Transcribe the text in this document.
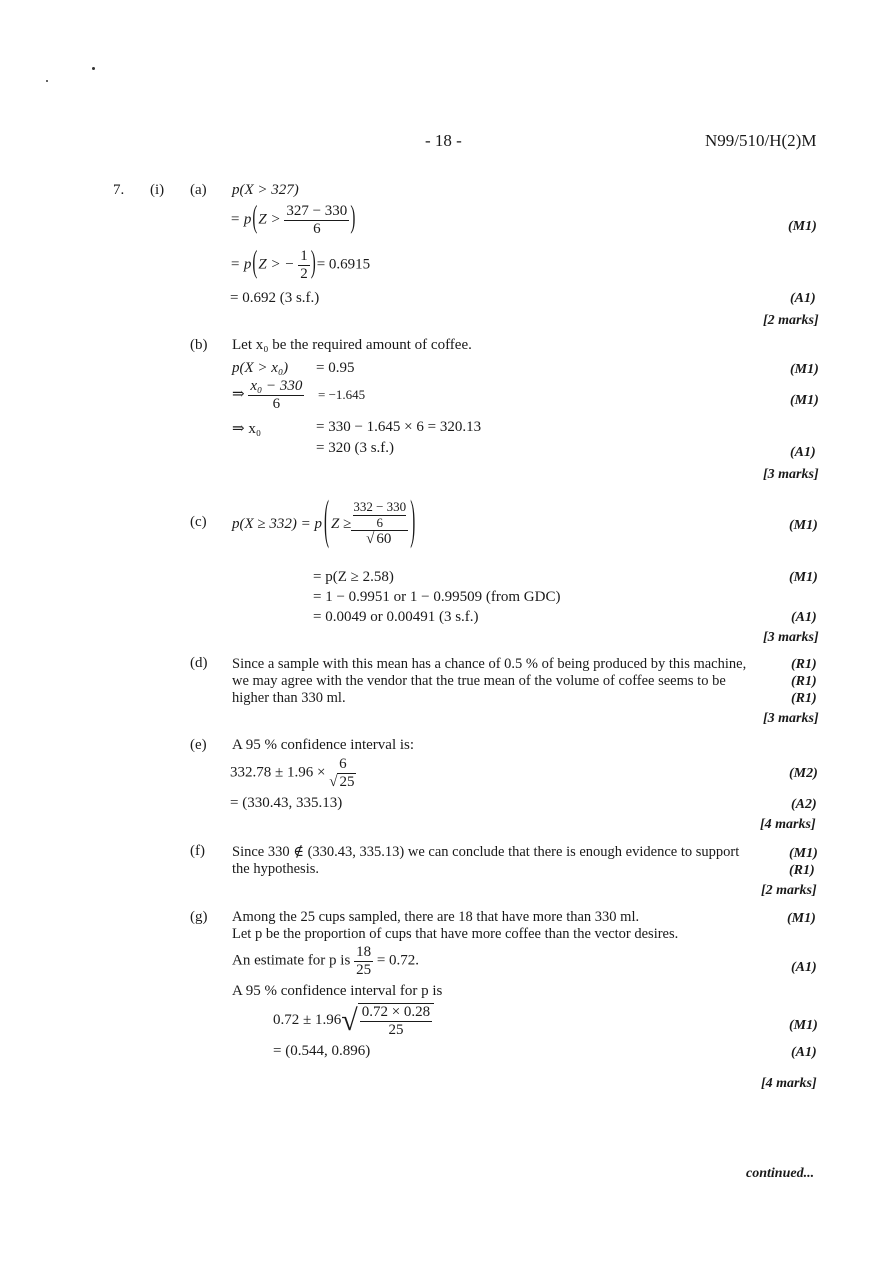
- 18 -	N99/510/H(2)M
7. (i) (a) p(X > 327)
= $p(Z > \frac{327 - 330}{6}$ )
= p(Z > − $\frac{1}{2}$ )= 0.6915
= 0.692 (3 s.f.)
(M1)
(A1)
[2 marks]
(b) Let x₀ be the required amount of coffee.
p(X > x₀) = 0.95
⇒ $\frac{\text{x₀ − 330}}{6} = -1.645$
⇒ x₀	= 330 − 1.645 × 6 = 320.13
= 320 (3 s.f.)
(M1)
(M1)
(A1)
[3 marks]
(c) p(X ≥ 332) = p ( Z ≥ 332 − 330
6
√ 60 )
= p(Z ≥ 2.58)
= 1 − 0.9951 or 1 − 0.99509 (from GDC)
= 0.0049 or 0.00491 (3 s.f.)
(M1)
(M1)
(A1)
[3 marks]
(d) Since a sample with this mean has a chance of 0.5 % of being produced by this machine, we may agree with the vendor that the true mean of the volume of coffee seems to be higher than 330 ml.
(R1)
(R1)
(R1)
[3 marks]
(e) A 95 % confidence interval is:
$332.78 \pm 1.96 \times \frac{6}{√ 25}$
= (330.43, 335.13)
(M2)
(A2)
[4 marks]
(f) Since 330 ∉ (330.43, 335.13) we can conclude that there is enough evidence to support the hypothesis.
(M1)
(R1)
[2 marks]
(g) Among the 25 cups sampled, there are 18 that have more than 330 ml.
Let p be the proportion of cups that have more coffee than the vector desires.
An estimate for p is $\frac{18}{25} = 0.72$.
A 95 % confidence interval for p is
0.72 ± 1.96 √ $\frac{0.72 \times 0.28}{25}$
= (0.544, 0.896)
(M1)
(A1)
(M1)
(A1)
[4 marks]
continued...
